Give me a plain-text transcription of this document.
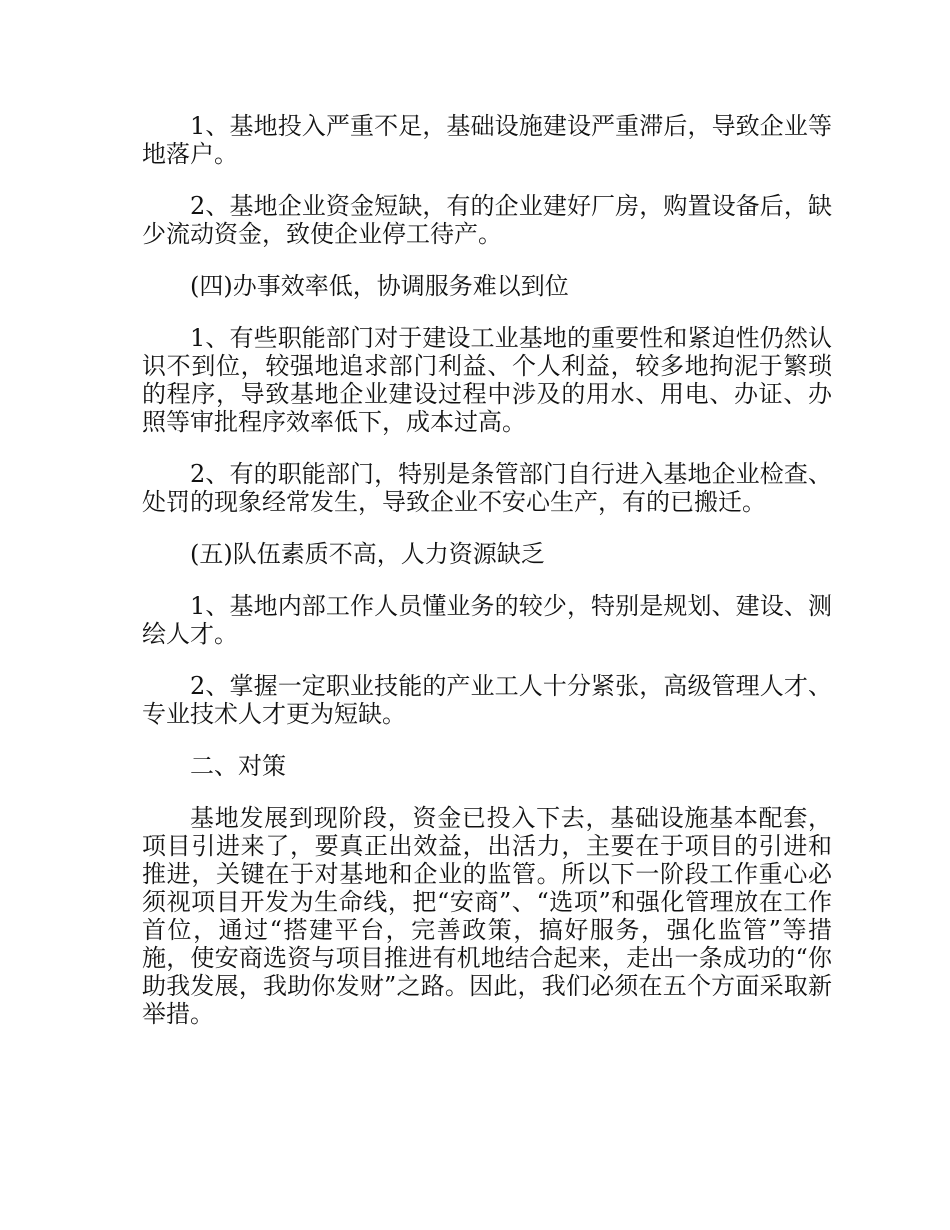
1、基地投入严重不足，基础设施建设严重滞后，导致企业等地落户。

2、基地企业资金短缺，有的企业建好厂房，购置设备后，缺少流动资金，致使企业停工待产。

(四)办事效率低，协调服务难以到位

1、有些职能部门对于建设工业基地的重要性和紧迫性仍然认识不到位，较强地追求部门利益、个人利益，较多地拘泥于繁琐的程序，导致基地企业建设过程中涉及的用水、用电、办证、办照等审批程序效率低下，成本过高。

2、有的职能部门，特别是条管部门自行进入基地企业检查、处罚的现象经常发生，导致企业不安心生产，有的已搬迁。

(五)队伍素质不高，人力资源缺乏

1、基地内部工作人员懂业务的较少，特别是规划、建设、测绘人才。

2、掌握一定职业技能的产业工人十分紧张，高级管理人才、专业技术人才更为短缺。

二、对策

基地发展到现阶段，资金已投入下去，基础设施基本配套，项目引进来了，要真正出效益，出活力，主要在于项目的引进和推进，关键在于对基地和企业的监管。所以下一阶段工作重心必须视项目开发为生命线，把“安商”、“选项”和强化管理放在工作首位，通过“搭建平台，完善政策，搞好服务，强化监管”等措施，使安商选资与项目推进有机地结合起来，走出一条成功的“你助我发展，我助你发财”之路。因此，我们必须在五个方面采取新举措。
